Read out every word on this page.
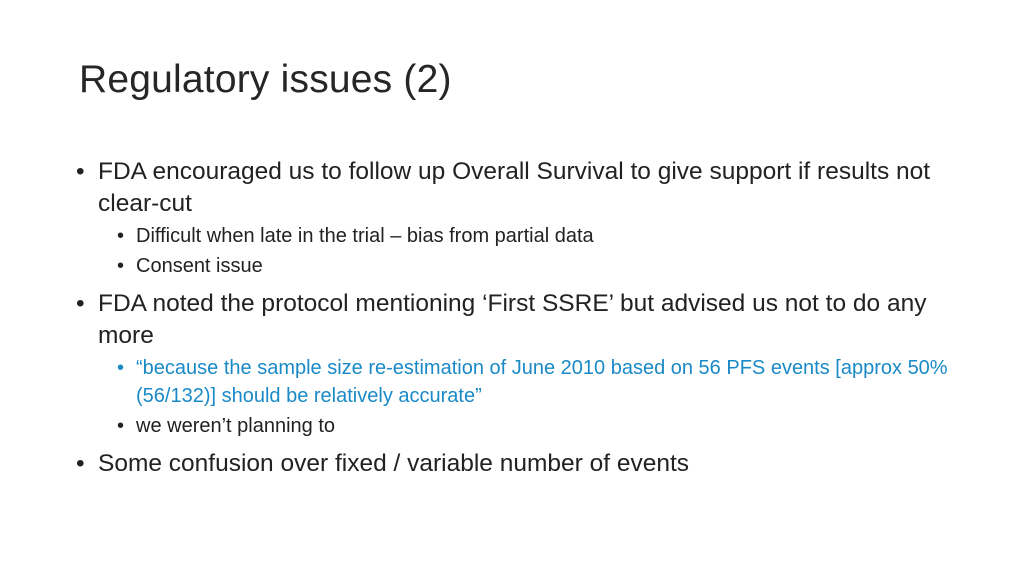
Regulatory issues (2)
• FDA encouraged us to follow up Overall Survival to give support if results not clear-cut
• Difficult when late in the trial – bias from partial data
• Consent issue
• FDA noted the protocol mentioning ‘First SSRE’ but advised us not to do any more
• “because the sample size re-estimation of June 2010 based on 56 PFS events [approx 50% (56/132)] should be relatively accurate”
• we weren’t planning to
• Some confusion over fixed / variable number of events
